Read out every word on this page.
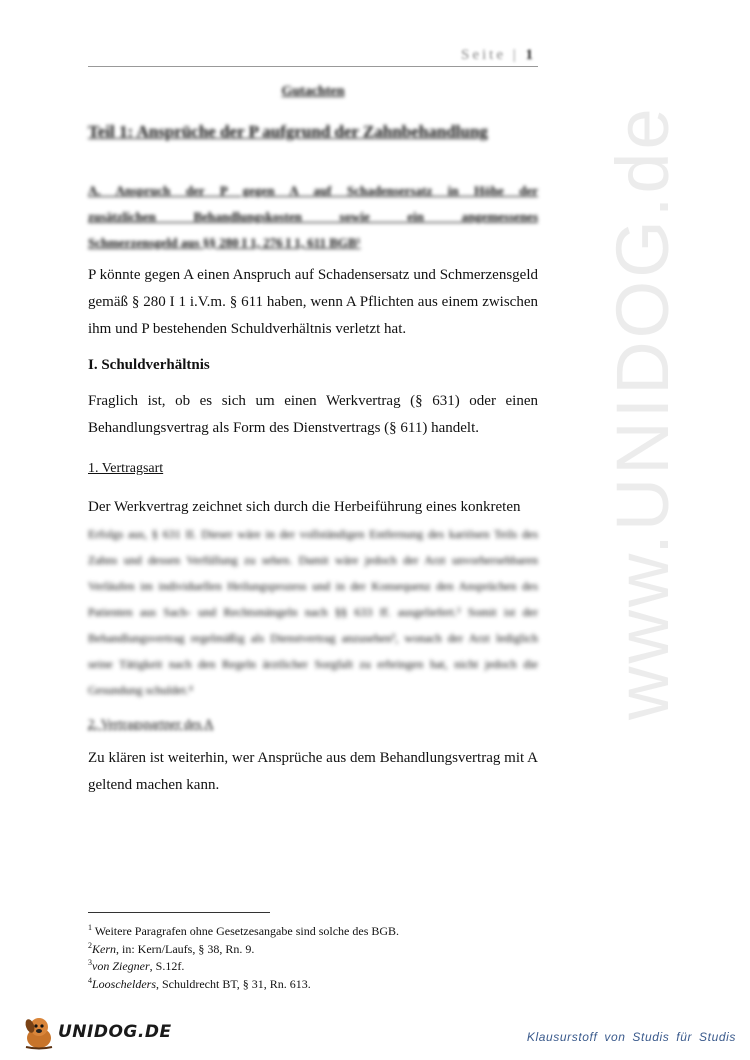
www.UNIDOG.de
Seite | 1
Gutachten
Teil 1: Ansprüche der P aufgrund der Zahnbehandlung
A. Anspruch der P gegen A auf Schadensersatz in Höhe der
zusätzlichen Behandlungskosten sowie ein angemessenes
Schmerzensgeld aus §§ 280 I 1, 276 I 1, 611 BGB¹

P könnte gegen A einen Anspruch auf Schadensersatz und Schmerzensgeld gemäß § 280 I 1 i.V.m. § 611 haben, wenn A Pflichten aus einem zwischen ihm und P bestehenden Schuldverhältnis verletzt hat.

I. Schuldverhältnis

Fraglich ist, ob es sich um einen Werkvertrag (§ 631) oder einen Behandlungsvertrag als Form des Dienstvertrags (§ 611) handelt.

1. Vertragsart

Der Werkvertrag zeichnet sich durch die Herbeiführung eines konkreten

Erfolgs aus, § 631 II. Dieser wäre in der vollständigen Entfernung des kariösen Teils des Zahns und dessen Verfüllung zu sehen. Damit wäre jedoch der Arzt unvorhersehbaren Verläufen im individuellen Heilungsprozess und in der Konsequenz den Ansprüchen des Patienten aus Sach- und Rechtsmängeln nach §§ 633 ff. ausgeliefert.² Somit ist der Behandlungsvertrag regelmäßig als Dienstvertrag anzusehen³, wonach der Arzt lediglich seine Tätigkeit nach den Regeln ärztlicher Sorgfalt zu erbringen hat, nicht jedoch die Gesundung schuldet.⁴
2. Vertragspartner des A

Zu klären ist weiterhin, wer Ansprüche aus dem Behandlungsvertrag mit A geltend machen kann.

$^1$ Weitere Paragrafen ohne Gesetzesangabe sind solche des BGB.
$^2$Kern, in: Kern/Laufs, § 38, Rn. 9.
$^3$von Ziegner, S.12f.
$^4$Looschelders, Schuldrecht BT, § 31, Rn. 613.
UNIDOG.DE	Klausurstoff von Studis für Studis
